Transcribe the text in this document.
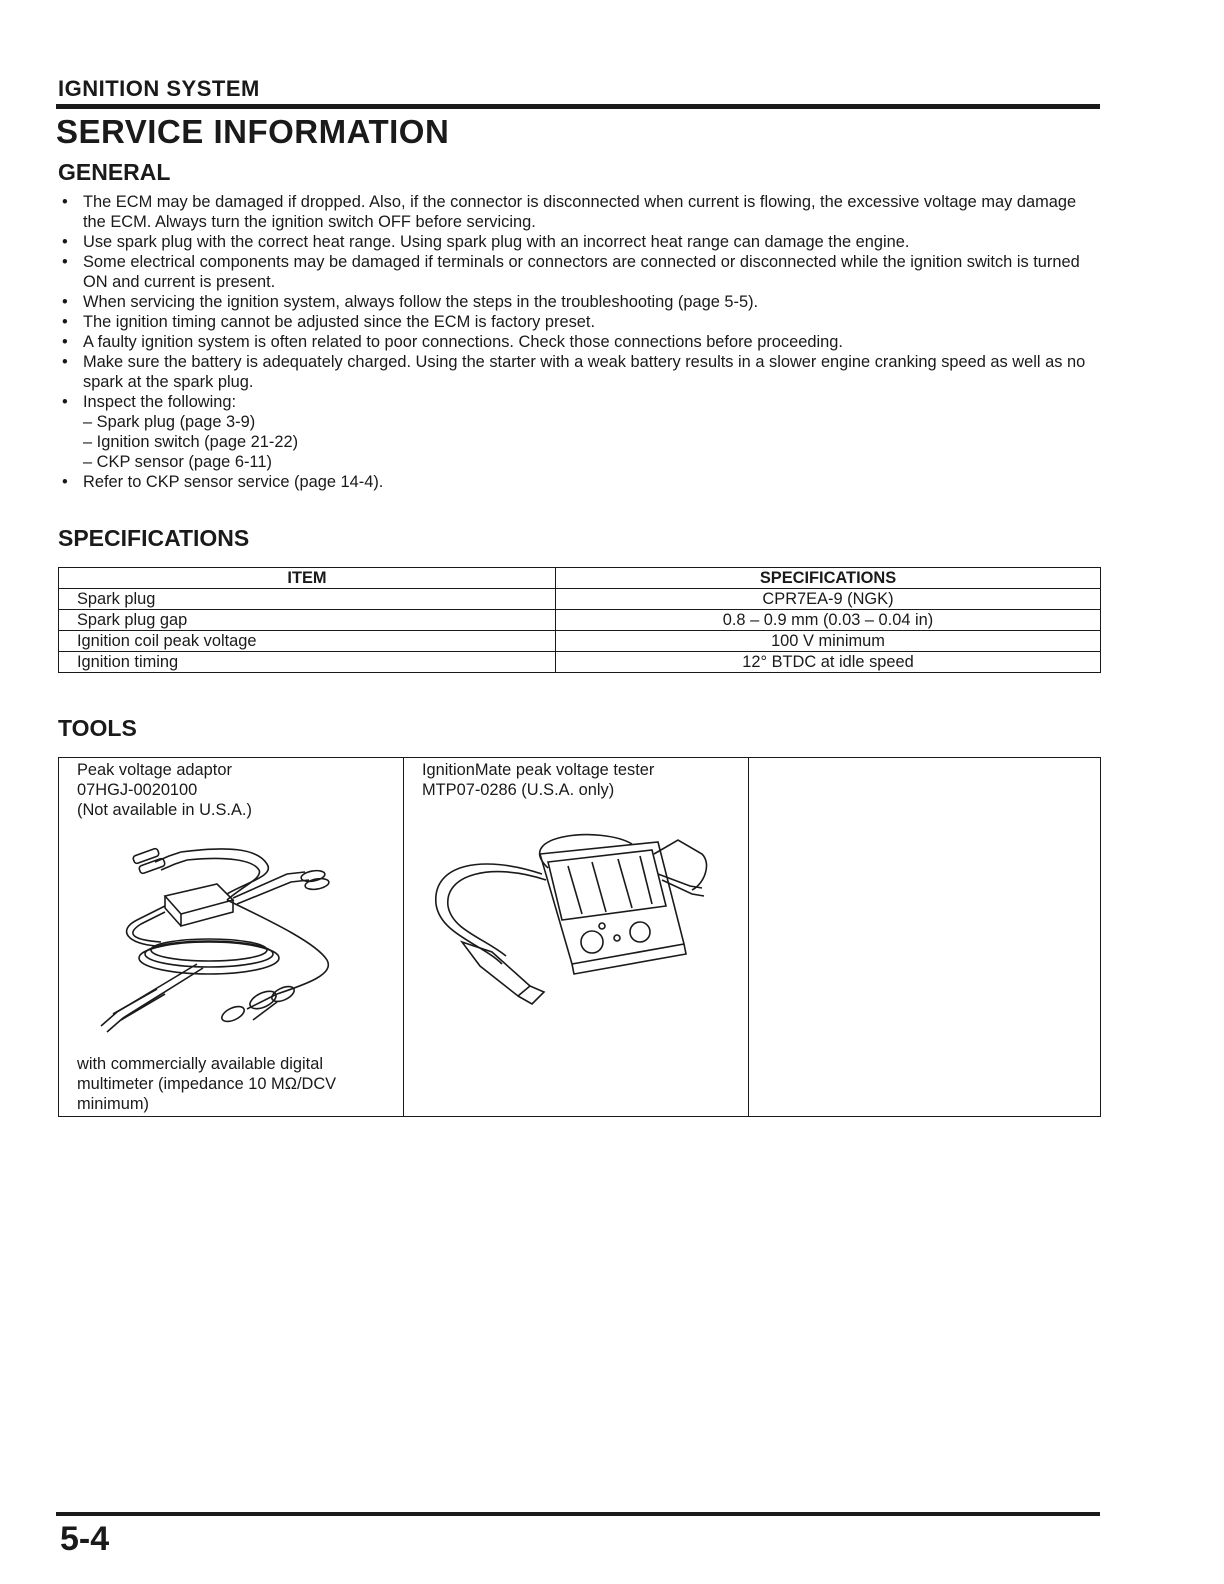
IGNITION SYSTEM
SERVICE INFORMATION
GENERAL
• The ECM may be damaged if dropped. Also, if the connector is disconnected when current is flowing, the excessive voltage may damage the ECM. Always turn the ignition switch OFF before servicing.
• Use spark plug with the correct heat range. Using spark plug with an incorrect heat range can damage the engine.
• Some electrical components may be damaged if terminals or connectors are connected or disconnected while the ignition switch is turned ON and current is present.
• When servicing the ignition system, always follow the steps in the troubleshooting (page 5-5).
• The ignition timing cannot be adjusted since the ECM is factory preset.
• A faulty ignition system is often related to poor connections. Check those connections before proceeding.
• Make sure the battery is adequately charged. Using the starter with a weak battery results in a slower engine cranking speed as well as no spark at the spark plug.
• Inspect the following:
– Spark plug (page 3-9)
– Ignition switch (page 21-22)
– CKP sensor (page 6-11)
• Refer to CKP sensor service (page 14-4).
SPECIFICATIONS
ITEM	SPECIFICATIONS
Spark plug	CPR7EA-9 (NGK)
Spark plug gap	0.8 – 0.9 mm (0.03 – 0.04 in)
Ignition coil peak voltage	100 V minimum
Ignition timing	12° BTDC at idle speed
TOOLS
Peak voltage adaptor
07HGJ-0020100
(Not available in U.S.A.)
with commercially available digital multimeter (impedance 10 MΩ/DCV minimum)

IgnitionMate peak voltage tester
MTP07-0286 (U.S.A. only)

5-4
